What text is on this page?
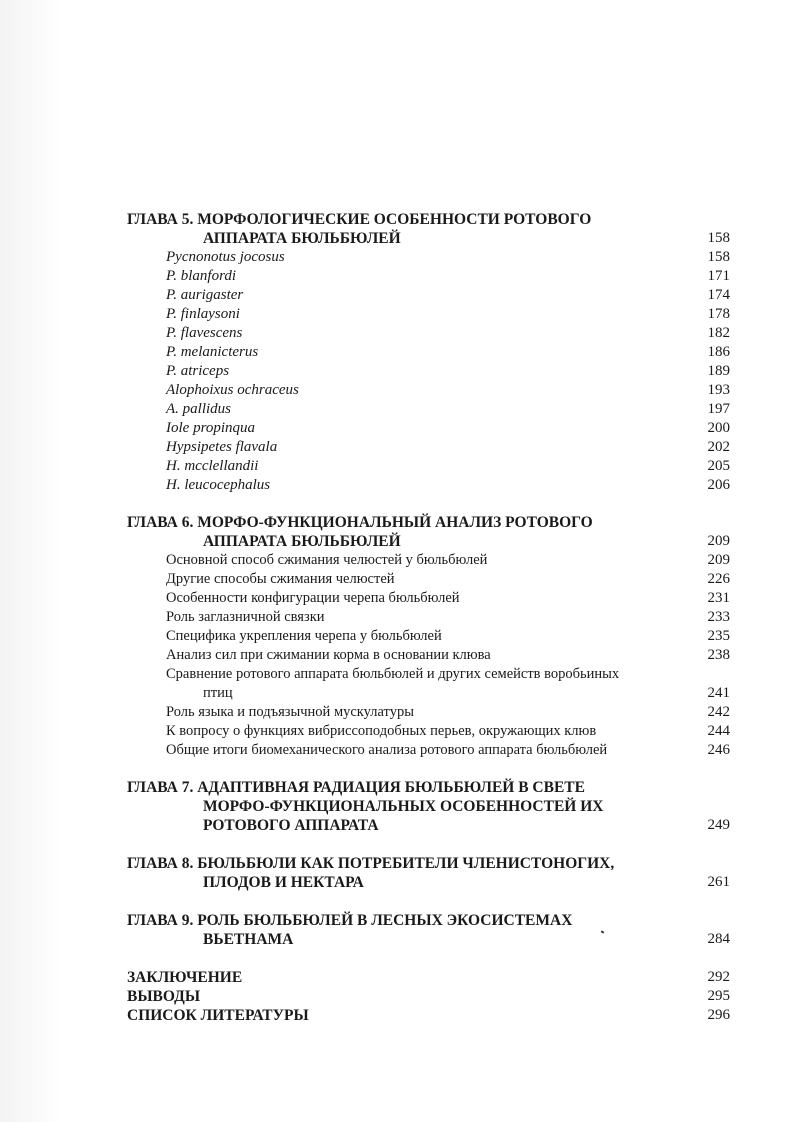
ГЛАВА 5. МОРФОЛОГИЧЕСКИЕ ОСОБЕННОСТИ РОТОВОГО
АППАРАТА БЮЛЬБЮЛЕЙ	158
Pycnonotus jocosus	158
P. blanfordi	171
P. aurigaster	174
P. finlaysoni	178
P. flavescens	182
P. melanicterus	186
P. atriceps	189
Alophoixus ochraceus	193
A. pallidus	197
Iole propinqua	200
Hypsipetes flavala	202
H. mcclellandii	205
H. leucocephalus	206
ГЛАВА 6. МОРФО-ФУНКЦИОНАЛЬНЫЙ АНАЛИЗ РОТОВОГО
АППАРАТА БЮЛЬБЮЛЕЙ	209
Основной способ сжимания челюстей у бюльбюлей	209
Другие способы сжимания челюстей	226
Особенности конфигурации черепа бюльбюлей	231
Роль заглазничной связки	233
Специфика укрепления черепа у бюльбюлей	235
Анализ сил при сжимании корма в основании клюва	238
Сравнение ротового аппарата бюльбюлей и других семейств воробьиных
птиц	241
Роль языка и подъязычной мускулатуры	242
К вопросу о функциях вибриссоподобных перьев, окружающих клюв	244
Общие итоги биомеханического анализа ротового аппарата бюльбюлей	246
ГЛАВА 7. АДАПТИВНАЯ РАДИАЦИЯ БЮЛЬБЮЛЕЙ В СВЕТЕ
МОРФО-ФУНКЦИОНАЛЬНЫХ ОСОБЕННОСТЕЙ ИХ
РОТОВОГО АППАРАТА	249
ГЛАВА 8. БЮЛЬБЮЛИ КАК ПОТРЕБИТЕЛИ ЧЛЕНИСТОНОГИХ,
ПЛОДОВ И НЕКТАРА	261
ГЛАВА 9. РОЛЬ БЮЛЬБЮЛЕЙ В ЛЕСНЫХ ЭКОСИСТЕМАХ
ВЬЕТНАМА	284
ЗАКЛЮЧЕНИЕ	292
ВЫВОДЫ	295
СПИСОК ЛИТЕРАТУРЫ	296
